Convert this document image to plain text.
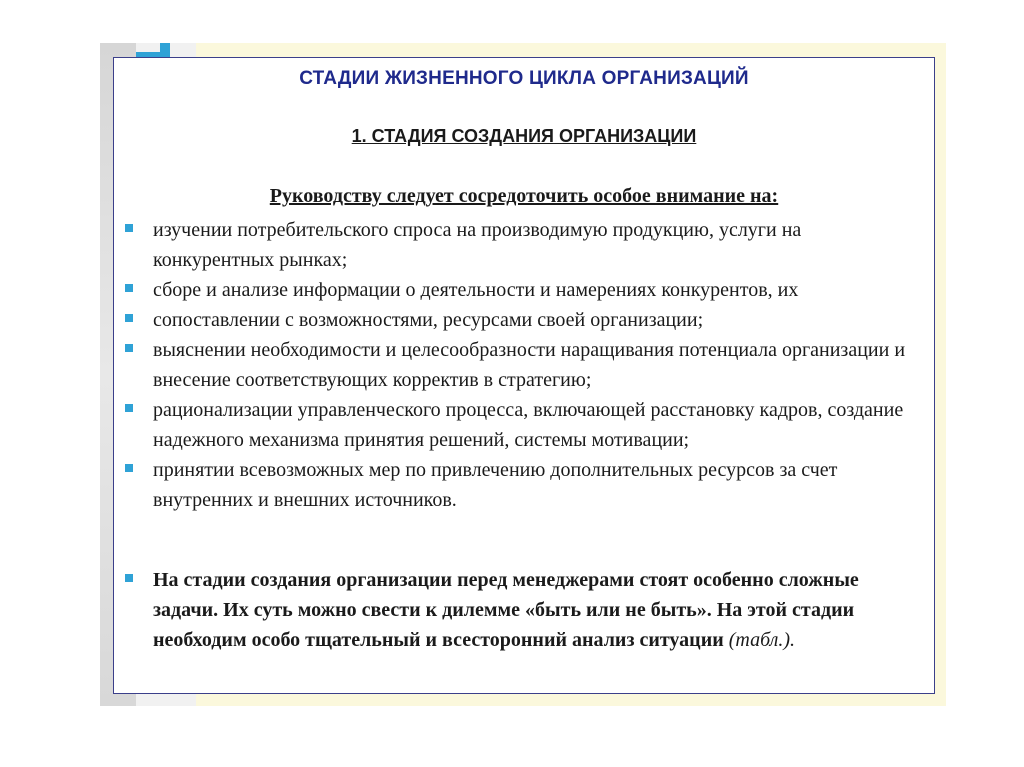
СТАДИИ ЖИЗНЕННОГО ЦИКЛА ОРГАНИЗАЦИЙ
1. СТАДИЯ СОЗДАНИЯ ОРГАНИЗАЦИИ
Руководству следует сосредоточить особое внимание на:
изучении потребительского спроса на производимую продукцию, услуги на конкурентных рынках;
сборе и анализе информации о деятельности и намерениях конкурентов, их
сопоставлении с возможностями, ресурсами своей организации;
выяснении необходимости и целесообразности наращивания потенциала организации и внесение соответствующих корректив в стратегию;
рационализации управленческого процесса, включающей расстановку кадров, создание надежного механизма принятия решений, системы мотивации;
принятии всевозможных мер по привлечению дополнительных ресурсов за счет внутренних и внешних источников.
На стадии создания организации перед менеджерами стоят особенно сложные задачи. Их суть можно свести к дилемме «быть или не быть». На этой стадии необходим особо тщательный и всесторонний анализ ситуации (табл.).
